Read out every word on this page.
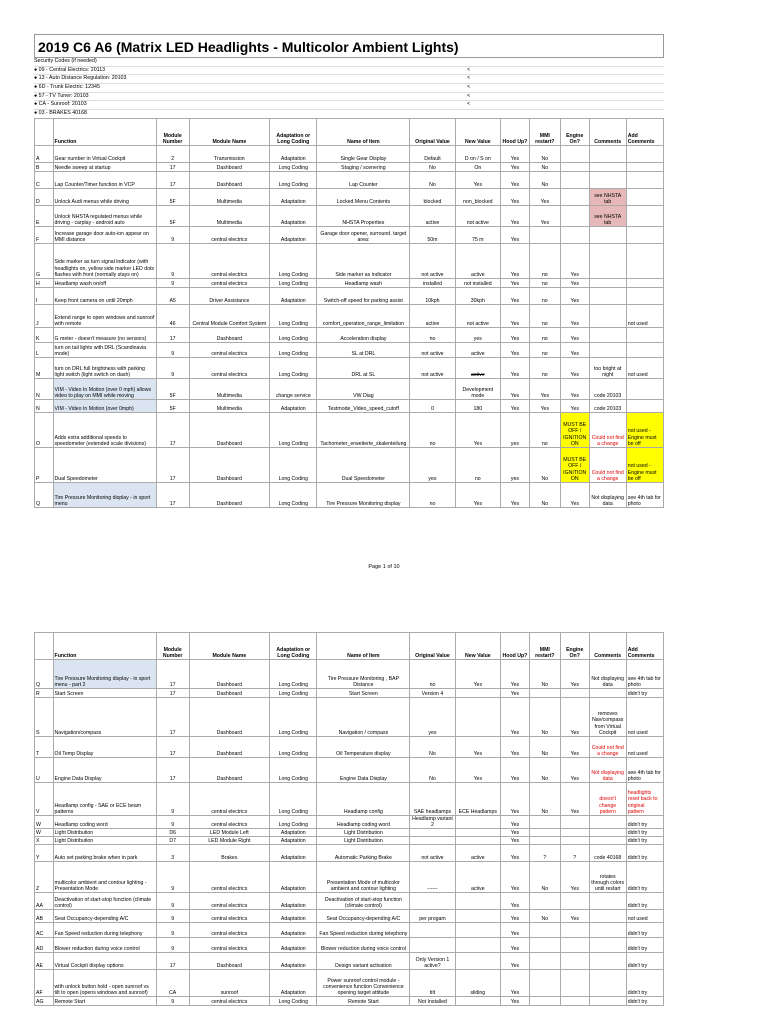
2019 C6 A6 (Matrix LED Headlights - Multicolor Ambient Lights)
Security Codes (if needed)
● 09 - Central Electrics: 20113	<
● 13 - Auto Distance Regulation: 20103	<
● 6D - Trunk Electric: 12345	<
● 57 - TV Tuner: 20103	<
● CA - Sunroof: 20103	<
● 03 - BRAKES 40168
	Function	Module Number	Module Name	Adaptation or Long Coding	Name of Item	Original Value	New Value	Hood Up?	MMI restart?	Engine On?	Comments	Add Comments
A	Gear number in Virtual Cockpit	2	Transmission	Adaptation	Single Gear Display	Default	D on / S on	Yes	No			
B	Needle sweep at startup	17	Dashboard	Long Coding	Staging / scenering	No	On	Yes	No			
C	Lap Counter/Timer function in VCP	17	Dashboard	Long Coding	Lap Counter	No	Yes	Yes	No			
D	Unlock Audi menus while driving	5F	Multimedia	Adaptation	Locked Menu Contents	blocked	non_blocked	Yes	Yes		see NHSTA tab	
E	Unlock NHSTA regulated menus while driving - carplay - android auto	5F	Multimedia	Adaptation	NHSTA Properties	active	not active	Yes	Yes		see NHSTA tab	
F	Increase garage door auto-ion appear on MMI distance	9	central electrics	Adaptation	Garage door opener, surround. target area:	50m	75 m	Yes				
G	Side marker as turn signal indicator (with headlights on, yellow side marker LED dots flashes with front (normally stays on)	9	central electrics	Long Coding	Side marker as indicator	not active	active	Yes	no	Yes		
H	Headlamp wash on/off	9	central electrics	Long Coding	Headlamp wash	installed	not installed	Yes	no	Yes		
I	Keep front camera on until 20mph	A5	Driver Assistance	Adaptation	Switch-off speed for parking assist	10kph	30kph	Yes	no	Yes		
J	Extend range to open windows and sunroof with remote	46	Central Module Comfort System	Long Coding	comfort_operation_range_limitation	active	not active	Yes	no	Yes		not used
K	G meter - doesn't measure (no sensors)	17	Dashboard	Long Coding	Acceleration display	no	yes	Yes	no	Yes		
L	turn on tail lights with DRL (Scandinavia mode)	9	central electrics	Long Coding	SL at DRL	not active	active	Yes	no	Yes		
M	turn on DRL full brightness with parking light switch (light switch on dash)	9	central electrics	Long Coding	DRL at SL	not active	active	Yes	no	Yes	too bright at night	not used
N	VIM - Video In Motion (over 0 mph) allows video to play on MMI while moving	5F	Multimedia	change service	VW Diag		Development mode	Yes	Yes	Yes	code 20103	
N	VIM - Video In Motion (over 0mph)	5F	Multimedia	Adaptation	Testmode_Video_speed_cutoff	0	180	Yes	Yes	Yes	code 20103	
O	Adds extra additional speeds to speedometer (extended scale divisions)	17	Dashboard	Long Coding	Tachometer_erweiterte_skalenteilung	no	Yes	yes	no	MUST BE OFF / IGNITION ON	Could not find a change	not used - Engine must be off
P	Dual Speedometer	17	Dashboard	Long Coding	Dual Speedometer	yes	no	yes	No	MUST BE OFF / IGNITION ON	Could not find a change	not used - Engine must be off
Q	Tire Pressure Monitoring display - in sport menu	17	Dashboard	Long Coding	Tire Pressure Monitoring display	no	Yes	Yes	No	Yes	Not displaying data	see 4th tab for photo
Page 1 of 10
	Function	Module Number	Module Name	Adaptation or Long Coding	Name of Item	Original Value	New Value	Hood Up?	MMI restart?	Engine On?	Comments	Add Comments
Q	Tire Pressure Monitoring display - in sport menu - part 2	17	Dashboard	Long Coding	Tire Pressure Monitoring , BAP Distance	no	Yes	Yes	No	Yes	Not displaying data	see 4th tab for photo
R	Start Screen	17	Dashboard	Long Coding	Start Screen	Version 4		Yes				didn't try
S	Navigation/compass	17	Dashboard	Long Coding	Navigation / compass	yes		Yes	No	Yes	removes Nav/compass from Virtual Cockpit	not used
T	Oil Temp Display	17	Dashboard	Long Coding	Oil Temperature display	No	Yes	Yes	No	Yes	Could not find a change	not used
U	Engine Data Display	17	Dashboard	Long Coding	Engine Data Display	No	Yes	Yes	No	Yes	Not displaying data	see 4th tab for photo
V	Headlamp config - SAE or ECE beam patterns	9	central electrics	Long Coding	Headlamp config	SAE headlamps	ECE Headlamps	Yes	No	Yes	doesn't change pattern	headlights reset back to original pattern
W	Headlamp coding word	9	central electrics	Long Coding	Headlamp coding word	Headlamp variant 2		Yes				didn't try
W	Light Distribution	D6	LED Module Left	Adaptation	Light Distribution			Yes				didn't try
X	Light Distribution	D7	LED Module Right	Adaptation	Light Distribution			Yes				didn't try
Y	Auto set parking brake when in park	3	Brakes	Adaptation	Automatic Parking Brake	not active	active	Yes	?	?	code 40168	didn't try
Z	multicolor ambient and contour lighting -Presentation Mode	9	central electrics	Adaptation	Presentation Mode of multicolor ambient and contour lighting	------	active	Yes	No	Yes	rotates through colors until restart	didn't try
AA	Deactivation of start-stop function (climate control)	9	central electrics	Adaptation	Deactivation of start-stop function (climate control)			Yes				didn't try
AB	Seat Occupancy-depending A/C	9	central electrics	Adaptation	Seat Occupancy-depending A/C	per progam		Yes	No	Yes		not used
AC	Fan Speed reduction during telephony	9	central electrics	Adaptation	Fan Speed reduction during telephony			Yes				didn't try
AD	Blower reduction during voice control	9	central electrics	Adaptation	Blower reduction during voice control			Yes				didn't try
AE	Virtual Cockpit display options	17	Dashboard	Adaptation	Design variant activation	Only Version 1 active?		Yes				didn't try
AF	with unlock button hold - open sunroof vs tilt to open (opens windows and sunroof)	CA	sunroof	Adaptation	Power sunroof control module - convenience function Convenience opening target attitude	tilt	sliding	Yes				didn't try
AG	Remote Start	9	central electrics	Long Coding	Remote Start	Not Installed		Yes				didn't try
